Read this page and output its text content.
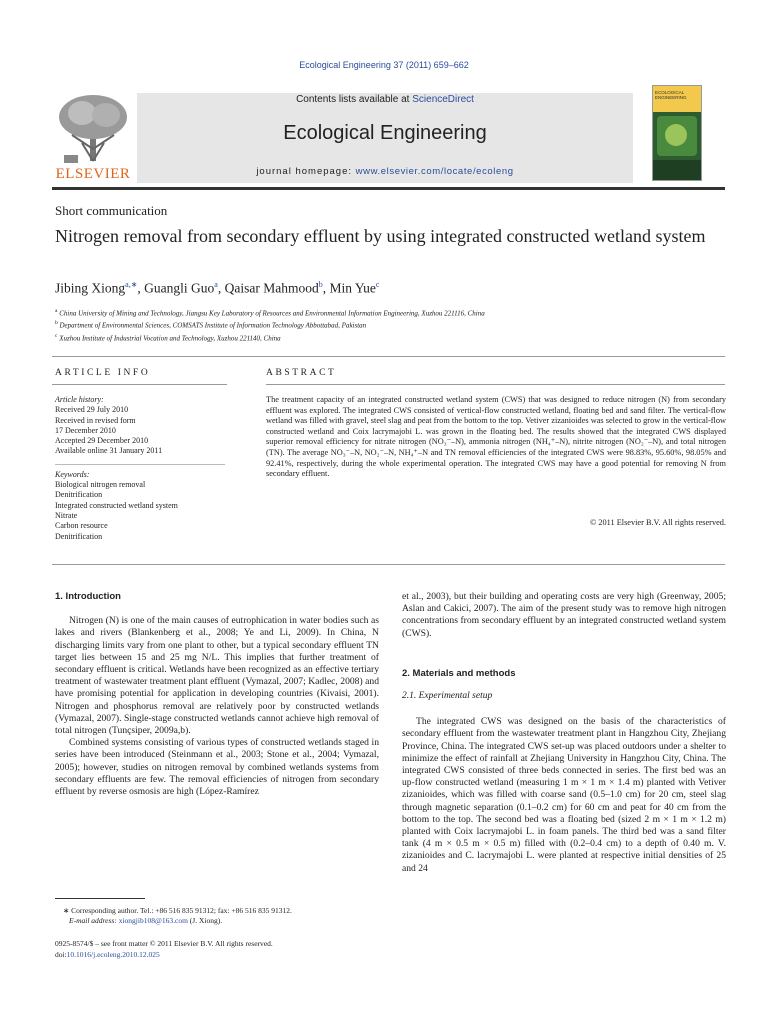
Ecological Engineering 37 (2011) 659–662
ELSEVIER
Contents lists available at ScienceDirect
Ecological Engineering
journal homepage: www.elsevier.com/locate/ecoleng
ECOLOGICAL ENGINEERING
Short communication
Nitrogen removal from secondary effluent by using integrated constructed wetland system
Jibing Xiong$^{a,∗}$, Guangli Guo$^a$, Qaisar Mahmood$^b$, Min Yue$^c$
$^a$ China University of Mining and Technology, Jiangsu Key Laboratory of Resources and Environmental Information Engineering, Xuzhou 221116, China
$^b$ Department of Environmental Sciences, COMSATS Institute of Information Technology Abbottabad, Pakistan
$^c$ Xuzhou Institute of Industrial Vocation and Technology, Xuzhou 221140, China
ARTICLE INFO
Article history:
Received 29 July 2010
Received in revised form
17 December 2010
Accepted 29 December 2010
Available online 31 January 2011
Keywords:
Biological nitrogen removal
Denitrification
Integrated constructed wetland system
Nitrate
Carbon resource
Denitrification
ABSTRACT
The treatment capacity of an integrated constructed wetland system (CWS) that was designed to reduce nitrogen (N) from secondary effluent was explored. The integrated CWS consisted of vertical-flow constructed wetland, floating bed and sand filter. The vertical-flow wetland was filled with gravel, steel slag and peat from the bottom to the top. Vetiver zizanioides was selected to grow in the vertical-flow constructed wetland and Coix lacrymajobi L. was grown in the floating bed. The results showed that the integrated CWS displayed superior removal efficiency for nitrate nitrogen (NO₃⁻–N), ammonia nitrogen (NH₄⁺–N), nitrite nitrogen (NO₂⁻–N), and total nitrogen (TN). The average NO₃⁻–N, NO₂⁻–N, NH₄⁺–N and TN removal efficiencies of the integrated CWS were 98.83%, 95.60%, 98.05% and 92.41%, respectively, during the whole experimental operation. The integrated CWS may have a good potential for removing N from secondary effluent.
© 2011 Elsevier B.V. All rights reserved.
1. Introduction

Nitrogen (N) is one of the main causes of eutrophication in water bodies such as lakes and rivers (Blankenberg et al., 2008; Ye and Li, 2009). In China, N discharging limits vary from one plant to other, but a typical secondary effluent TN target lies between 15 and 25 mg N/L. This implies that further treatment of secondary effluent is critical. Wetlands have been recognized as an effective tertiary treatment of wastewater treatment plant effluent (Vymazal, 2007; Kadlec, 2008) and have promising potential for application in developing countries (Kivaisi, 2001). Nitrogen and phosphorus removal are relatively poor by constructed wetlands (Vymazal, 2007). Single-stage constructed wetlands cannot achieve high removal of total nitrogen (Tunçsiper, 2009a,b).

Combined systems consisting of various types of constructed wetlands staged in series have been introduced (Steinmann et al., 2003; Stone et al., 2004; Vymazal, 2005); however, studies on nitrogen removal by combined wetlands systems from secondary effluents are few. The removal efficiencies of nitrogen from secondary effluent by reverse osmosis are high (López-Ramírez

et al., 2003), but their building and operating costs are very high (Greenway, 2005; Aslan and Cakici, 2007). The aim of the present study was to remove high nitrogen concentrations from secondary effluent by an integrated constructed wetland system (CWS).

2. Materials and methods
2.1. Experimental setup

The integrated CWS was designed on the basis of the characteristics of secondary effluent from the wastewater treatment plant in Hangzhou City, Zhejiang Province, China. The integrated CWS set-up was placed outdoors under a shelter to minimize the effect of rainfall at Zhejiang University in Hangzhou City, China. The integrated CWS consisted of three beds connected in series. The first bed was an up-flow constructed wetland (measuring 1 m × 1 m × 1.4 m) planted with Vetiver zizanioides, which was filled with coarse sand (0.5–1.0 cm) for 20 cm, steel slag through magnetic separation (0.1–0.2 cm) for 60 cm and peat for 40 cm from the bottom to the top. The second bed was a floating bed (sized 2 m × 1 m × 1.2 m) planted with Coix lacrymajobi L. in foam panels. The third bed was a sand filter tank (4 m × 0.5 m × 0.5 m) filled with (0.2–0.4 cm) to a depth of 0.40 m. V. zizanioides and C. lacrymajobi L. were planted at respective initial densities of 25 and 24

∗ Corresponding author. Tel.: +86 516 835 91312; fax: +86 516 835 91312.
E-mail address: xiongjib108@163.com (J. Xiong).
0925-8574/$ – see front matter © 2011 Elsevier B.V. All rights reserved.
doi:10.1016/j.ecoleng.2010.12.025
